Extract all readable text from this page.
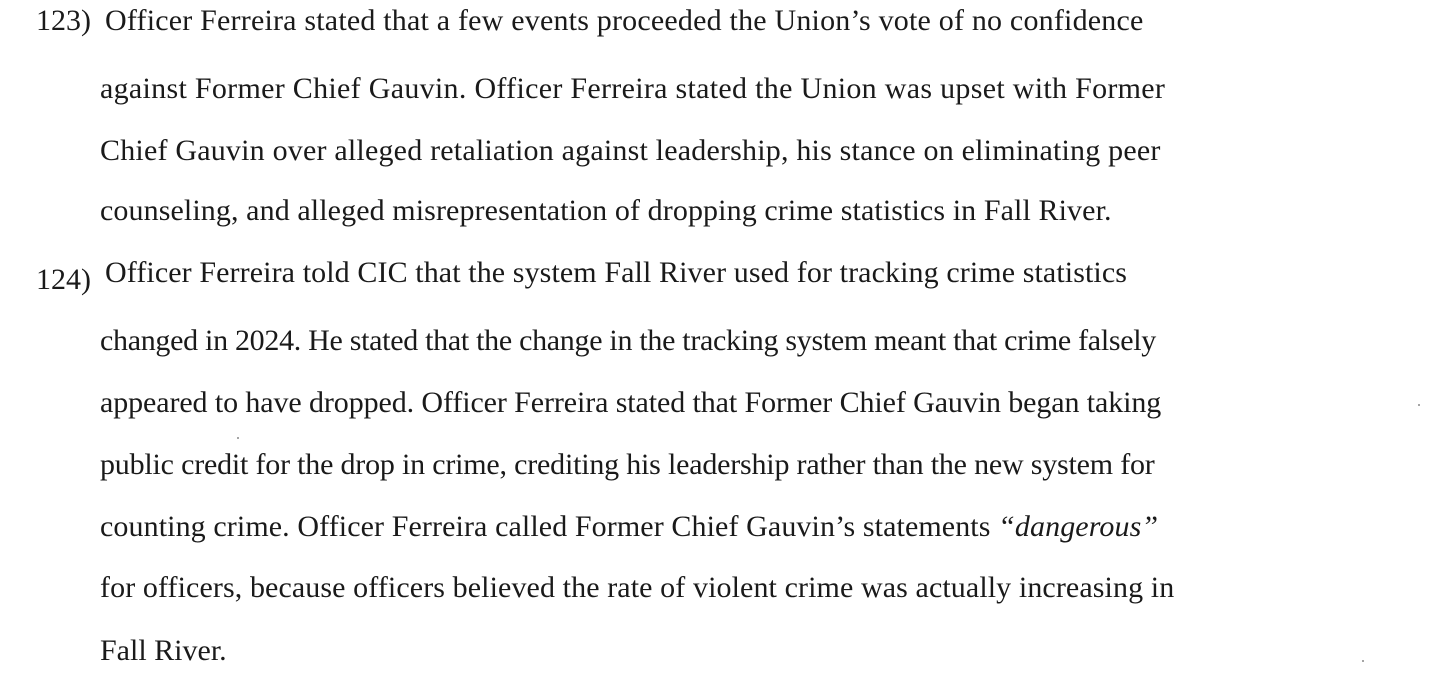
123) Officer Ferreira stated that a few events proceeded the Union’s vote of no confidence
against Former Chief Gauvin. Officer Ferreira stated the Union was upset with Former
Chief Gauvin over alleged retaliation against leadership, his stance on eliminating peer
counseling, and alleged misrepresentation of dropping crime statistics in Fall River.
124) Officer Ferreira told CIC that the system Fall River used for tracking crime statistics
changed in 2024. He stated that the change in the tracking system meant that crime falsely
appeared to have dropped. Officer Ferreira stated that Former Chief Gauvin began taking
public credit for the drop in crime, crediting his leadership rather than the new system for
counting crime. Officer Ferreira called Former Chief Gauvin’s statements “dangerous”
for officers, because officers believed the rate of violent crime was actually increasing in
Fall River.
